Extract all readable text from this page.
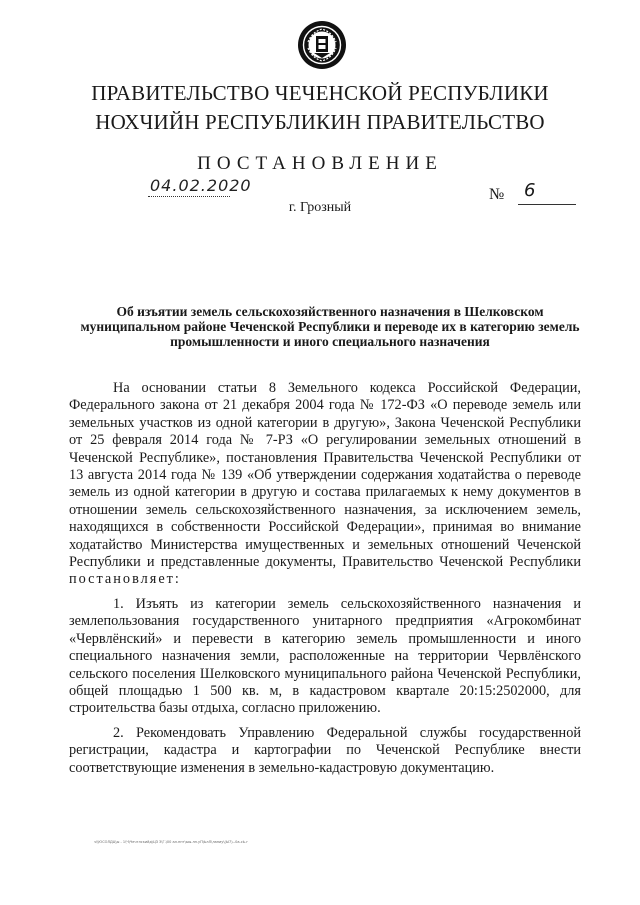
ПРАВИТЕЛЬСТВО ЧЕЧЕНСКОЙ РЕСПУБЛИКИ
НОХЧИЙН РЕСПУБЛИКИН ПРАВИТЕЛЬСТВО
ПОСТАНОВЛЕНИЕ
04.02.2020	№ 6
г. Грозный
Об изъятии земель сельскохозяйственного назначения в Шелковском муниципальном районе Чеченской Республики и переводе их в категорию земель промышленности и иного специального назначения

На основании статьи 8 Земельного кодекса Российской Федерации, Федерального закона от 21 декабря 2004 года № 172-ФЗ «О переводе земель или земельных участков из одной категории в другую», Закона Чеченской Республики от 25 февраля 2014 года № 7-РЗ «О регулировании земельных отношений в Чеченской Республике», постановления Правительства Чеченской Республики от 13 августа 2014 года № 139 «Об утверждении содержания ходатайства о переводе земель из одной категории в другую и состава прилагаемых к нему документов в отношении земель сельскохозяйственного назначения, за исключением земель, находящихся в собственности Российской Федерации», принимая во внимание ходатайство Министерства имущественных и земельных отношений Чеченской Республики и представленные документы, Правительство Чеченской Республики постановляет:

1. Изъять из категории земель сельскохозяйственного назначения и землепользования государственного унитарного предприятия «Агрокомбинат «Червлёнский» и перевести в категорию земель промышленности и иного специального назначения земли, расположенные на территории Червлёнского сельского поселения Шелковского муниципального района Чеченской Республики, общей площадью 1 500 кв. м, в кадастровом квартале 20:15:2502000, для строительства базы отдыха, согласно приложению.

2. Рекомендовать Управлению Федеральной службы государственной регистрации, кадастра и картографии по Чеченской Республике внести соответствующие изменения в земельно-кадастровую документацию.

ч\\ЮСОЛДЦ\ы - 1\Ч\Чечтлскийд\ЦЗ 3\Г.\00 ал.ппт\ыы.лп.уП\ЬлЛ\ланиу\(Ы7)--0а-сЬ.г
